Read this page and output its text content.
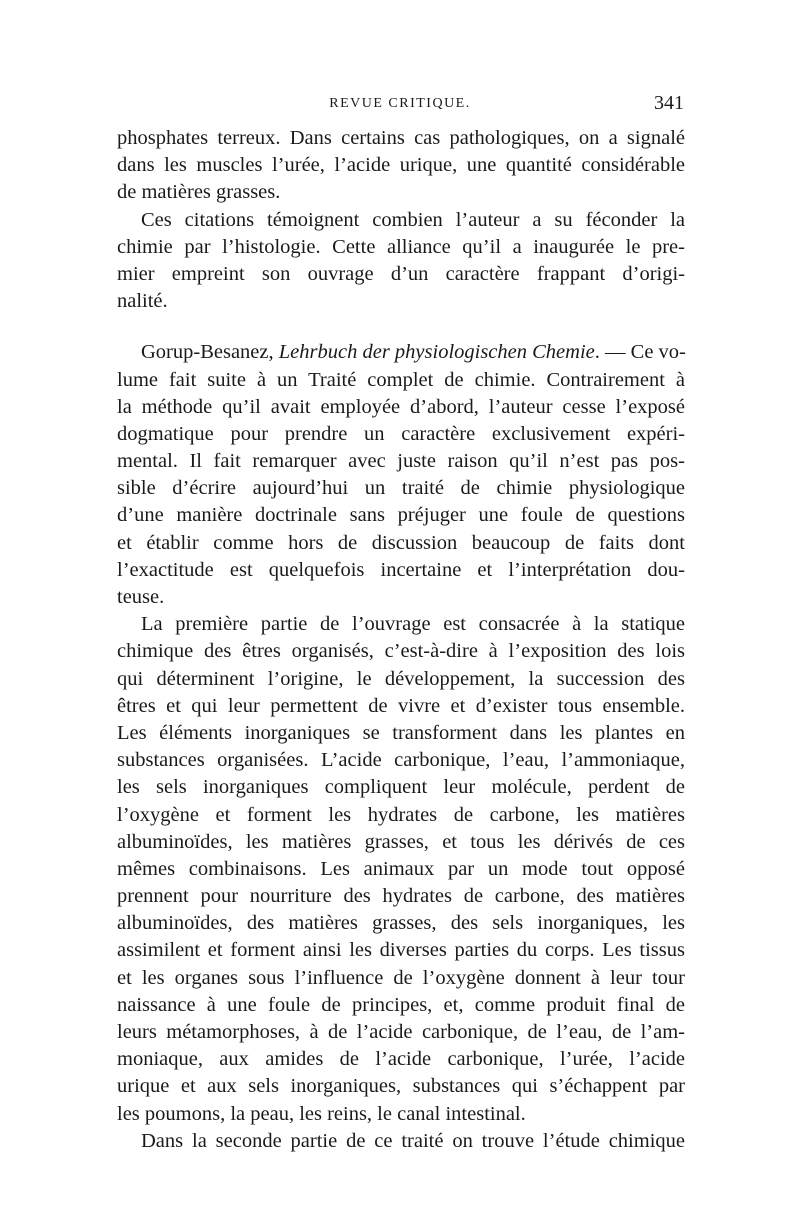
REVUE CRITIQUE.	341
phosphates terreux. Dans certains cas pathologiques, on a signalé
dans les muscles l’urée, l’acide urique, une quantité considérable
de matières grasses.
Ces citations témoignent combien l’auteur a su féconder la
chimie par l’histologie. Cette alliance qu’il a inaugurée le pre-
mier empreint son ouvrage d’un caractère frappant d’origi-
nalité.
Gorup-Besanez, Lehrbuch der physiologischen Chemie. — Ce vo-
lume fait suite à un Traité complet de chimie. Contrairement à
la méthode qu’il avait employée d’abord, l’auteur cesse l’exposé
dogmatique pour prendre un caractère exclusivement expéri-
mental. Il fait remarquer avec juste raison qu’il n’est pas pos-
sible d’écrire aujourd’hui un traité de chimie physiologique
d’une manière doctrinale sans préjuger une foule de questions
et établir comme hors de discussion beaucoup de faits dont
l’exactitude est quelquefois incertaine et l’interprétation dou-
teuse.
La première partie de l’ouvrage est consacrée à la statique
chimique des êtres organisés, c’est-à-dire à l’exposition des lois
qui déterminent l’origine, le développement, la succession des
êtres et qui leur permettent de vivre et d’exister tous ensemble.
Les éléments inorganiques se transforment dans les plantes en
substances organisées. L’acide carbonique, l’eau, l’ammoniaque,
les sels inorganiques compliquent leur molécule, perdent de
l’oxygène et forment les hydrates de carbone, les matières
albuminoïdes, les matières grasses, et tous les dérivés de ces
mêmes combinaisons. Les animaux par un mode tout opposé
prennent pour nourriture des hydrates de carbone, des matières
albuminoïdes, des matières grasses, des sels inorganiques, les
assimilent et forment ainsi les diverses parties du corps. Les tissus
et les organes sous l’influence de l’oxygène donnent à leur tour
naissance à une foule de principes, et, comme produit final de
leurs métamorphoses, à de l’acide carbonique, de l’eau, de l’am-
moniaque, aux amides de l’acide carbonique, l’urée, l’acide
urique et aux sels inorganiques, substances qui s’échappent par
les poumons, la peau, les reins, le canal intestinal.
Dans la seconde partie de ce traité on trouve l’étude chimique
